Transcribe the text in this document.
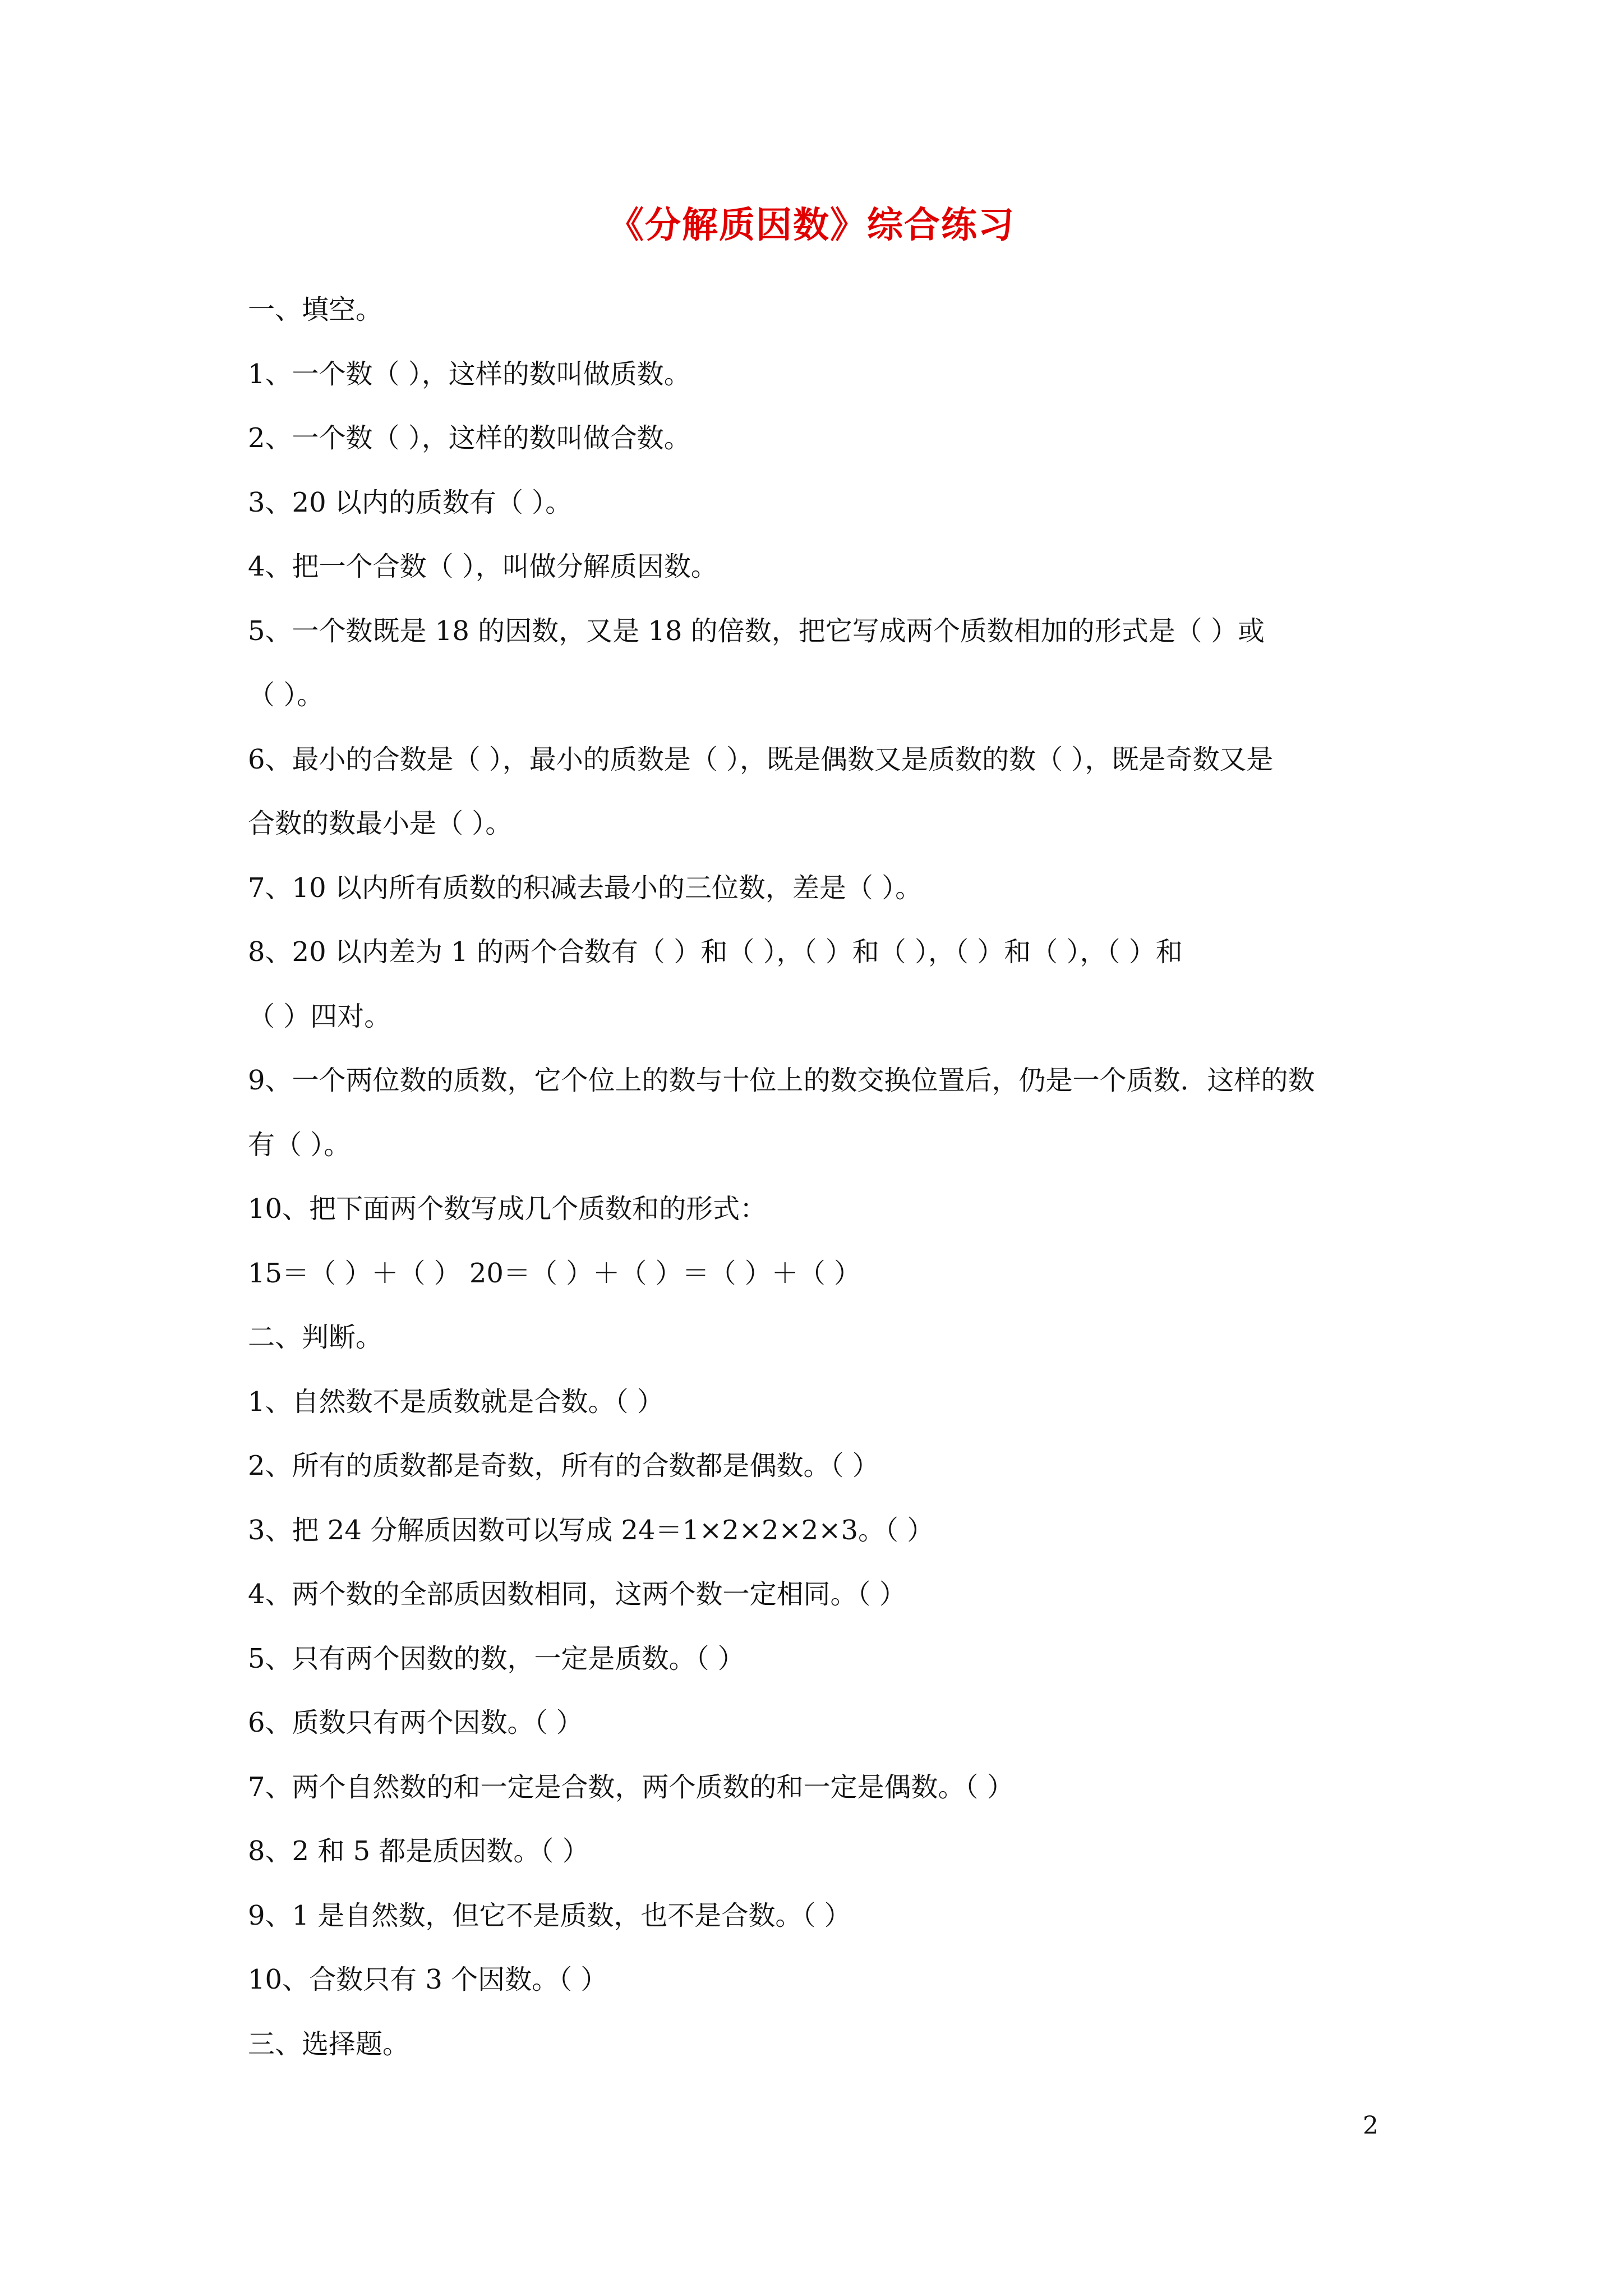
《分解质因数》综合练习
一、填空。
1、一个数（ ），这样的数叫做质数。
2、一个数（ ），这样的数叫做合数。
3、20 以内的质数有（ ）。
4、把一个合数（ ），叫做分解质因数。
5、一个数既是 18 的因数，又是 18 的倍数，把它写成两个质数相加的形式是（ ）或
（ ）。
6、最小的合数是（ ），最小的质数是（ ），既是偶数又是质数的数（ ），既是奇数又是
合数的数最小是（ ）。
7、10 以内所有质数的积减去最小的三位数，差是（ ）。
8、20 以内差为 1 的两个合数有（ ）和（ ），（ ）和（ ），（ ）和（ ），（ ）和
（ ）四对。
9、一个两位数的质数，它个位上的数与十位上的数交换位置后，仍是一个质数．这样的数
有（ ）。
10、把下面两个数写成几个质数和的形式：
15＝（ ）＋（ ） 20＝（ ）＋（ ）＝（ ）＋（ ）
二、判断。
1、自然数不是质数就是合数。（ ）
2、所有的质数都是奇数，所有的合数都是偶数。（ ）
3、把 24 分解质因数可以写成 24＝1×2×2×2×3。（ ）
4、两个数的全部质因数相同，这两个数一定相同。（ ）
5、只有两个因数的数，一定是质数。（ ）
6、质数只有两个因数。（ ）
7、两个自然数的和一定是合数，两个质数的和一定是偶数。（ ）
8、2 和 5 都是质因数。（ ）
9、1 是自然数，但它不是质数，也不是合数。（ ）
10、合数只有 3 个因数。（ ）
三、选择题。
2
